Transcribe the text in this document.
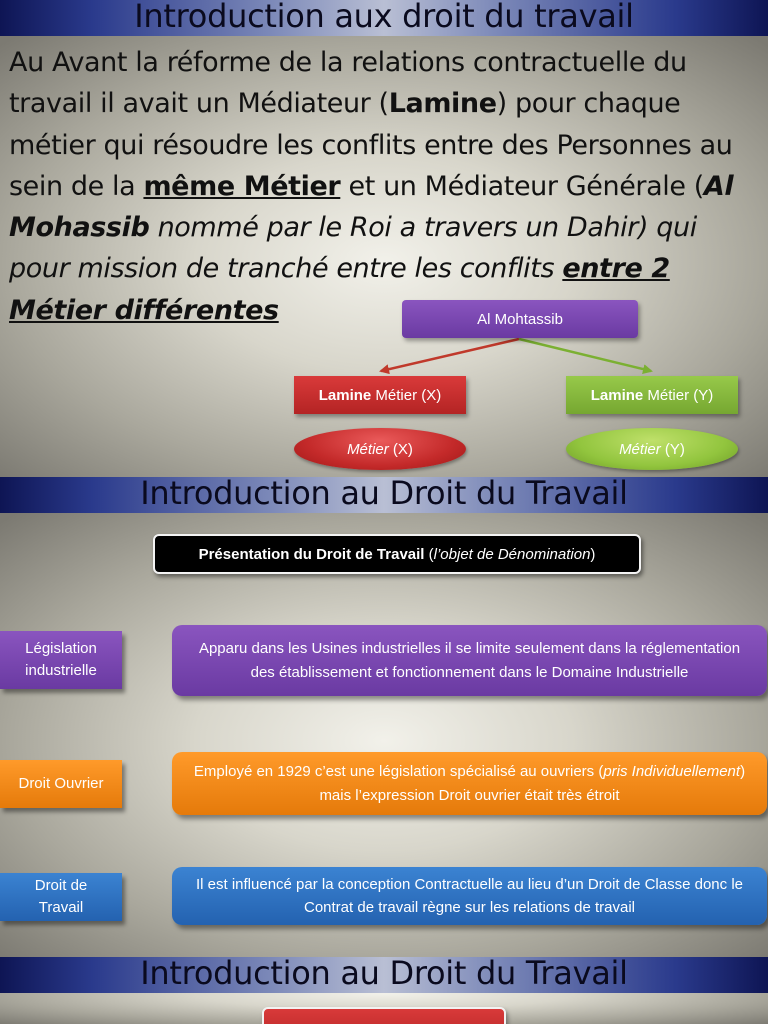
Introduction aux droit du travail
Au Avant la réforme de la relations contractuelle du travail il avait un Médiateur (Lamine) pour chaque métier qui résoudre les conflits entre des Personnes au sein de la même Métier et un Médiateur Générale (Al Mohassib nommé par le Roi a travers un Dahir) qui pour mission de tranché entre les conflits entre 2 Métier différentes	Al Mohtassib
Lamine Métier (X)	Lamine Métier (Y)
Métier (X)	Métier (Y)
Introduction au Droit du Travail
Présentation du Droit de Travail (l’objet de Dénomination)
Législation industrielle
Apparu dans les Usines industrielles il se limite seulement dans la réglementation des établissement et fonctionnement dans le Domaine Industrielle
Droit Ouvrier
Employé en 1929 c’est une législation spécialisé au ouvriers (pris Individuellement) mais l’expression Droit ouvrier était très étroit
Droit de Travail
Il est influencé par la conception Contractuelle au lieu d’un Droit de Classe donc le Contrat de travail règne sur les relations de travail
Introduction au Droit du Travail
